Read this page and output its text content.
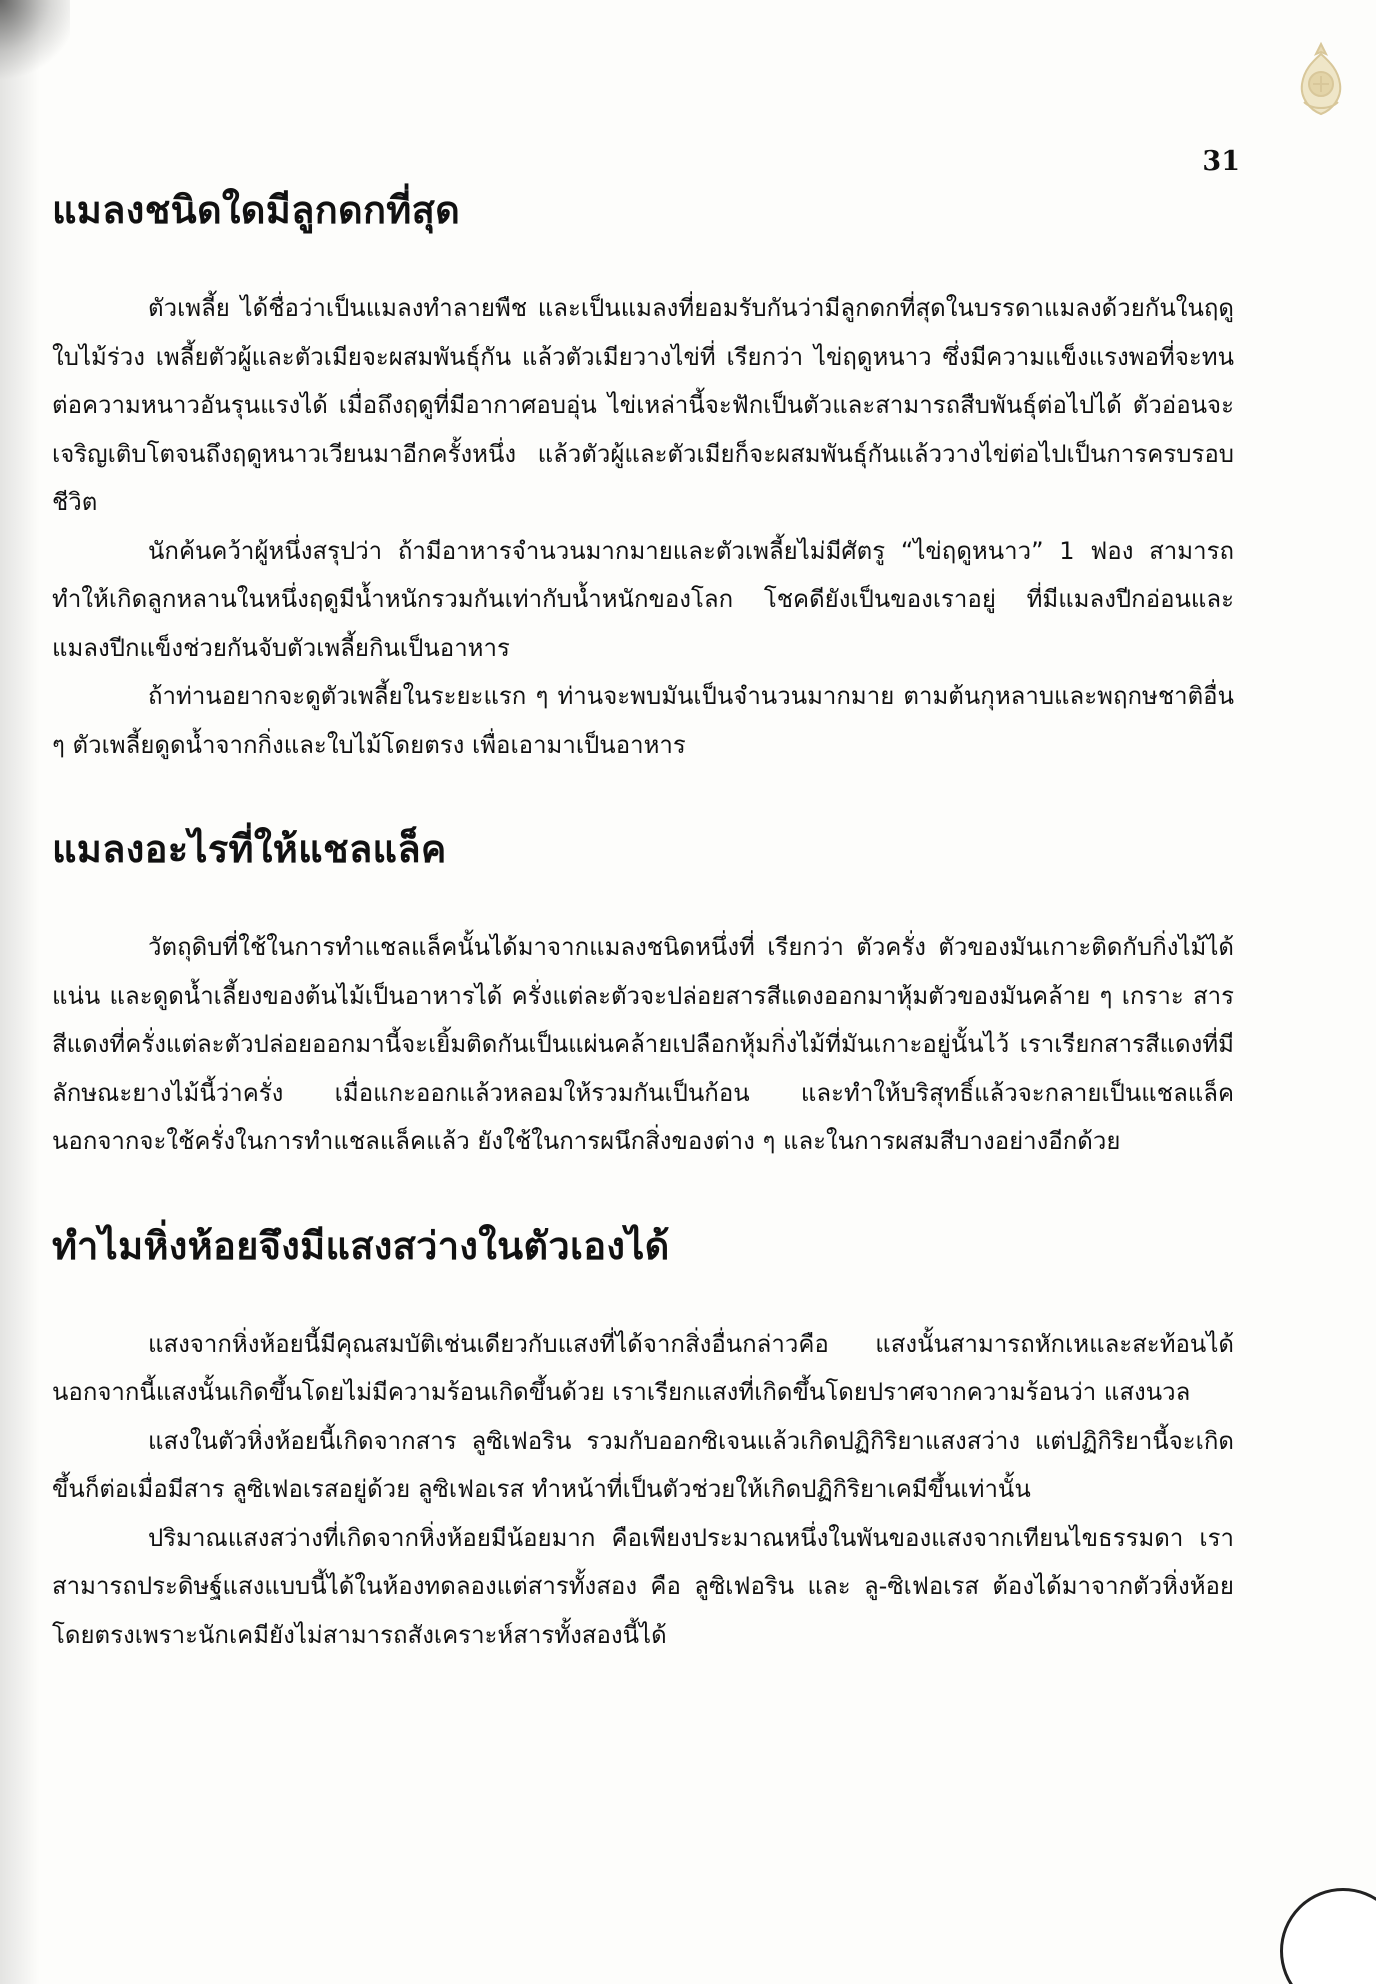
31
แมลงชนิดใดมีลูกดกที่สุด

ตัวเพลี้ย ได้ชื่อว่าเป็นแมลงทำลายพืช และเป็นแมลงที่ยอมรับกันว่ามีลูกดกที่สุดในบรรดาแมลงด้วยกันในฤดูใบไม้ร่วง เพลี้ยตัวผู้และตัวเมียจะผสมพันธุ์กัน แล้วตัวเมียวางไข่ที่ เรียกว่า ไข่ฤดูหนาว ซึ่งมีความแข็งแรงพอที่จะทนต่อความหนาวอันรุนแรงได้ เมื่อถึงฤดูที่มีอากาศอบอุ่น ไข่เหล่านี้จะฟักเป็นตัวและสามารถสืบพันธุ์ต่อไปได้ ตัวอ่อนจะเจริญเติบโตจนถึงฤดูหนาวเวียนมาอีกครั้งหนึ่ง แล้วตัวผู้และตัวเมียก็จะผสมพันธุ์กันแล้ววางไข่ต่อไปเป็นการครบรอบชีวิต

นักค้นคว้าผู้หนึ่งสรุปว่า ถ้ามีอาหารจำนวนมากมายและตัวเพลี้ยไม่มีศัตรู “ไข่ฤดูหนาว” 1 ฟอง สามารถทำให้เกิดลูกหลานในหนึ่งฤดูมีน้ำหนักรวมกันเท่ากับน้ำหนักของโลก โชคดียังเป็นของเราอยู่ ที่มีแมลงปีกอ่อนและแมลงปีกแข็งช่วยกันจับตัวเพลี้ยกินเป็นอาหาร

ถ้าท่านอยากจะดูตัวเพลี้ยในระยะแรก ๆ ท่านจะพบมันเป็นจำนวนมากมาย ตามต้นกุหลาบและพฤกษชาติอื่น ๆ ตัวเพลี้ยดูดน้ำจากกิ่งและใบไม้โดยตรง เพื่อเอามาเป็นอาหาร

แมลงอะไรที่ให้แชลแล็ค

วัตถุดิบที่ใช้ในการทำแชลแล็คนั้นได้มาจากแมลงชนิดหนึ่งที่ เรียกว่า ตัวครั่ง ตัวของมันเกาะติดกับกิ่งไม้ได้แน่น และดูดน้ำเลี้ยงของต้นไม้เป็นอาหารได้ ครั่งแต่ละตัวจะปล่อยสารสีแดงออกมาหุ้มตัวของมันคล้าย ๆ เกราะ สารสีแดงที่ครั่งแต่ละตัวปล่อยออกมานี้จะเยิ้มติดกันเป็นแผ่นคล้ายเปลือกหุ้มกิ่งไม้ที่มันเกาะอยู่นั้นไว้ เราเรียกสารสีแดงที่มีลักษณะยางไม้นี้ว่าครั่ง เมื่อแกะออกแล้วหลอมให้รวมกันเป็นก้อน และทำให้บริสุทธิ์แล้วจะกลายเป็นแชลแล็ค นอกจากจะใช้ครั่งในการทำแชลแล็คแล้ว ยังใช้ในการผนึกสิ่งของต่าง ๆ และในการผสมสีบางอย่างอีกด้วย

ทำไมหิ่งห้อยจึงมีแสงสว่างในตัวเองได้

แสงจากหิ่งห้อยนี้มีคุณสมบัติเช่นเดียวกับแสงที่ได้จากสิ่งอื่นกล่าวคือ แสงนั้นสามารถหักเหและสะท้อนได้ นอกจากนี้แสงนั้นเกิดขึ้นโดยไม่มีความร้อนเกิดขึ้นด้วย เราเรียกแสงที่เกิดขึ้นโดยปราศจากความร้อนว่า แสงนวล

แสงในตัวหิ่งห้อยนี้เกิดจากสาร ลูซิเฟอริน รวมกับออกซิเจนแล้วเกิดปฏิกิริยาแสงสว่าง แต่ปฏิกิริยานี้จะเกิดขึ้นก็ต่อเมื่อมีสาร ลูซิเฟอเรสอยู่ด้วย ลูซิเฟอเรส ทำหน้าที่เป็นตัวช่วยให้เกิดปฏิกิริยาเคมีขึ้นเท่านั้น

ปริมาณแสงสว่างที่เกิดจากหิ่งห้อยมีน้อยมาก คือเพียงประมาณหนึ่งในพันของแสงจากเทียนไขธรรมดา เราสามารถประดิษฐ์แสงแบบนี้ได้ในห้องทดลองแต่สารทั้งสอง คือ ลูซิเฟอริน และ ลู-ซิเฟอเรส ต้องได้มาจากตัวหิ่งห้อยโดยตรงเพราะนักเคมียังไม่สามารถสังเคราะห์สารทั้งสองนี้ได้
